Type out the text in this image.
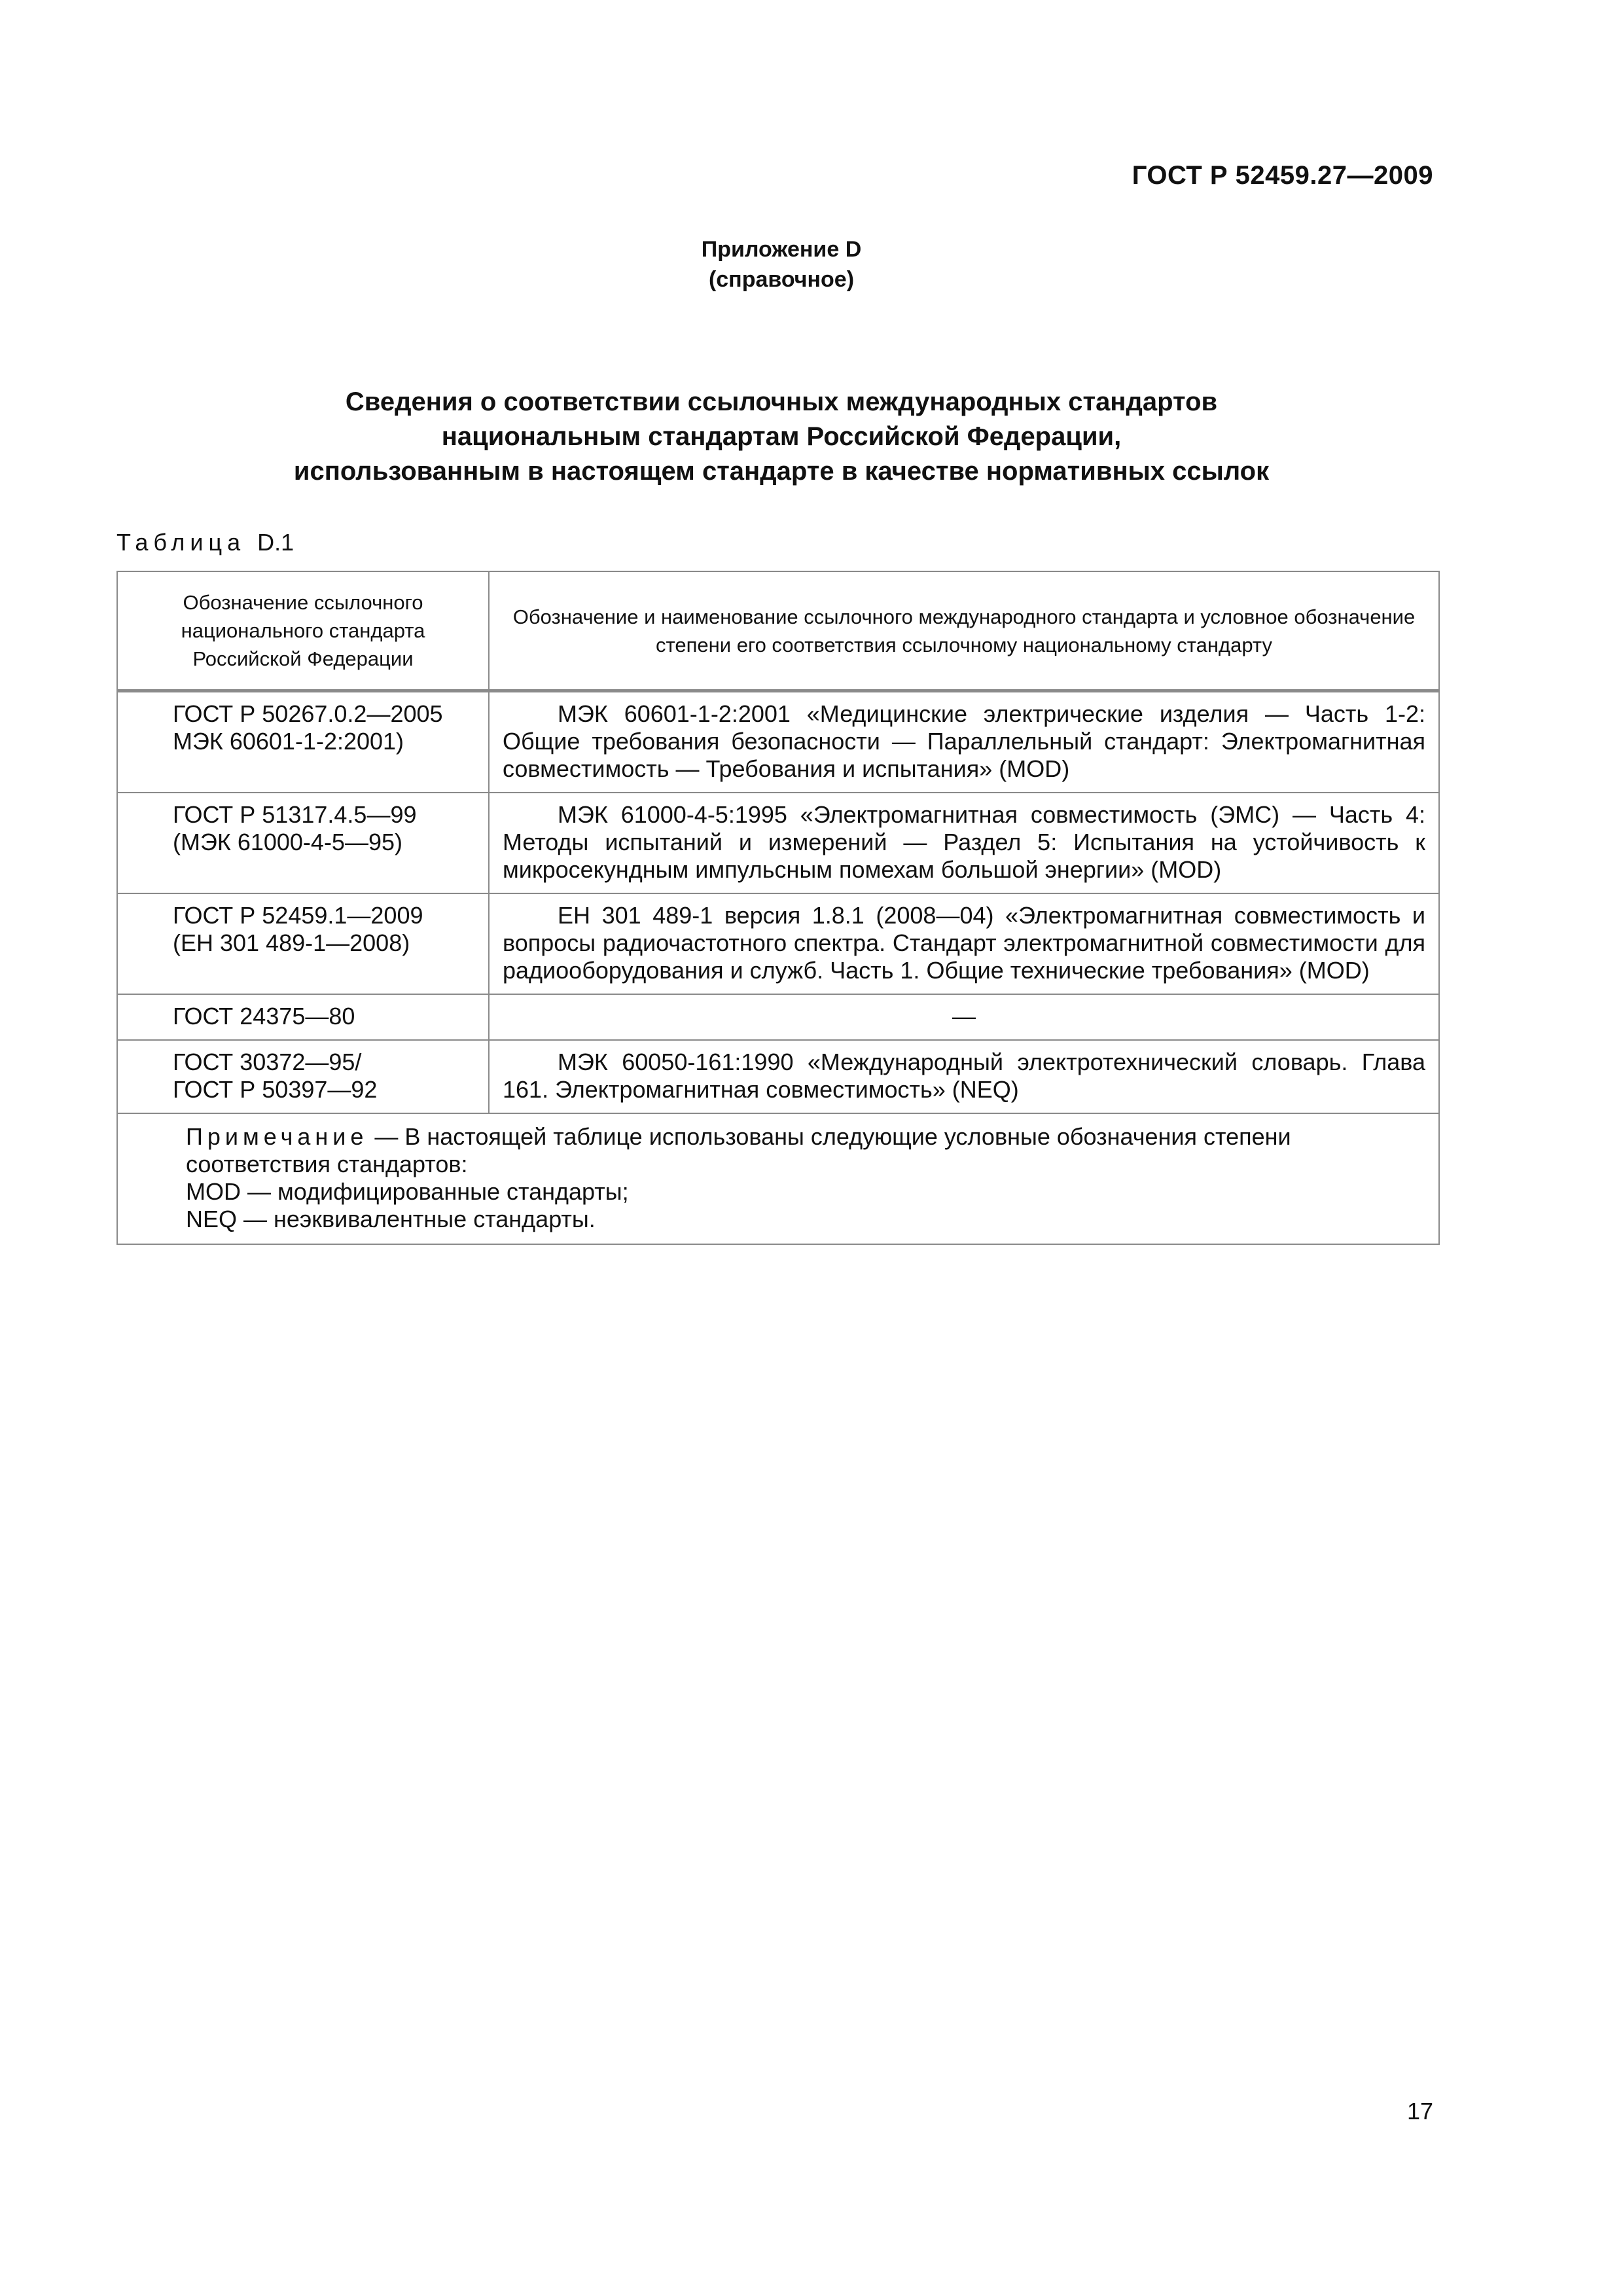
ГОСТ Р 52459.27—2009
Приложение D
(справочное)
Сведения о соответствии ссылочных международных стандартов
национальным стандартам Российской Федерации,
использованным в настоящем стандарте в качестве нормативных ссылок
Таблица D.1
Обозначение ссылочного национального стандарта Российской Федерации	Обозначение и наименование ссылочного международного стандарта и условное обозначение степени его соответствия ссылочному национальному стандарту

ГОСТ Р 50267.0.2—2005
МЭК 60601-1-2:2001)	МЭК 60601-1-2:2001 «Медицинские электрические изделия — Часть 1-2: Общие требования безопасности — Параллельный стандарт: Электромагнитная совместимость — Требования и испытания» (MOD)

ГОСТ Р 51317.4.5—99
(МЭК 61000-4-5—95)	МЭК 61000-4-5:1995 «Электромагнитная совместимость (ЭМС) — Часть 4: Методы испытаний и измерений — Раздел 5: Испытания на устойчивость к микросекундным импульсным помехам большой энергии» (MOD)

ГОСТ Р 52459.1—2009
(ЕН 301 489-1—2008)	ЕН 301 489-1 версия 1.8.1 (2008—04) «Электромагнитная совместимость и вопросы радиочастотного спектра. Стандарт электромагнитной совместимости для радиооборудования и служб. Часть 1. Общие технические требования» (MOD)

ГОСТ 24375—80	—

ГОСТ 30372—95/
ГОСТ Р 50397—92	МЭК 60050-161:1990 «Международный электротехнический словарь. Глава 161. Электромагнитная совместимость» (NEQ)

Примечание — В настоящей таблице использованы следующие условные обозначения степени соответствия стандартов:
MOD — модифицированные стандарты;
NEQ — неэквивалентные стандарты.	
17
